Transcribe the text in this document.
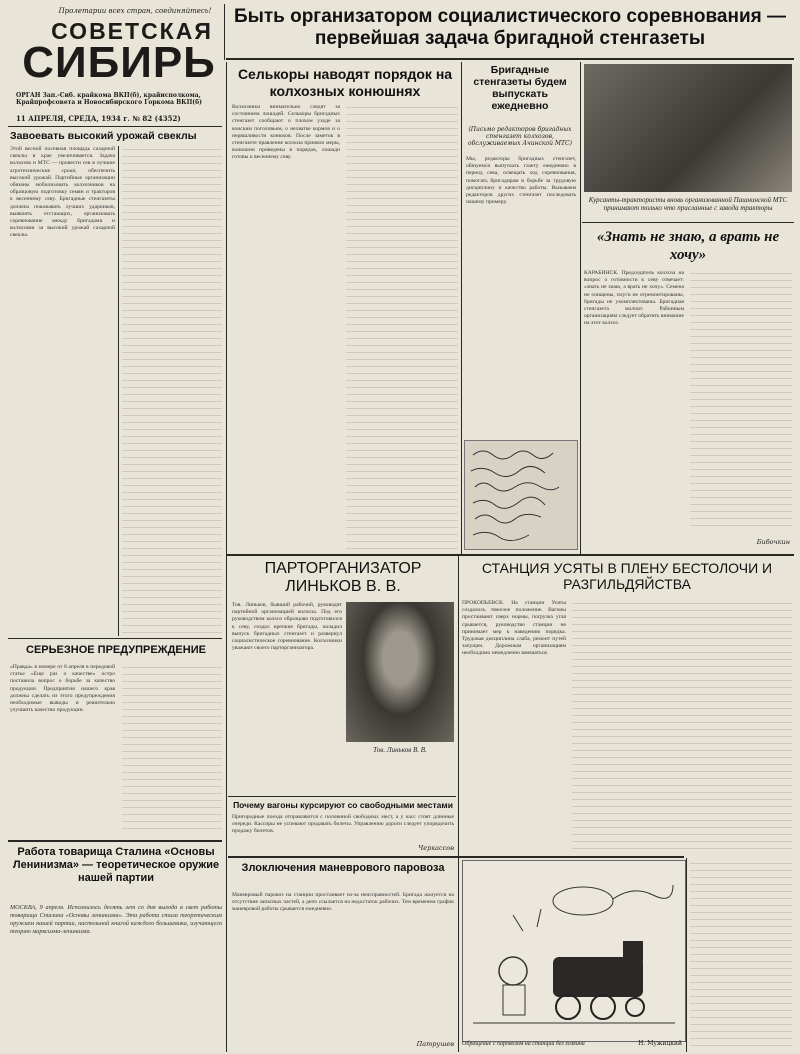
Пролетарии всех стран, соединяйтесь!
СОВЕТСКАЯ
СИБИРЬ
ОРГАН Зап.-Сиб. крайкома ВКП(б), крайисполкома, Крайпрофсовета и Новосибирского Горкома ВКП(б)
11 АПРЕЛЯ, СРЕДА, 1934 г. № 82 (4352)
Быть организатором социалистического соревнования — первейшая задача бригадной стенгазеты
Завоевать высокий урожай свеклы
Этой весной посевная площадь сахарной свеклы в крае увеличивается. Задача колхозов и МТС — провести сев в лучшие агротехнические сроки, обеспечить высокий урожай. Партийные организации обязаны мобилизовать колхозников на образцовую подготовку семян и тракторов к весеннему севу. Бригадные стенгазеты должны показывать лучших ударников, выявлять отстающих, организовать соревнование между бригадами и колхозами за высокий урожай сахарной свеклы.
Селькоры наводят порядок на колхозных конюшнях
Колхозники внимательно следят за состоянием лошадей. Селькоры бригадных стенгазет сообщают о плохом уходе за конским поголовьем, о нехватке кормов и о неряшливости конюхов. После заметок в стенгазете правление колхоза приняло меры, конюшни приведены в порядок, лошади готовы к весеннему севу.
Бригадные стенгазеты будем выпускать ежедневно
(Письмо редакторов бригадных стенгазет колхозов, обслуживаемых Ачинской МТС)
Мы, редакторы бригадных стенгазет, обязуемся выпускать газету ежедневно в период сева, освещать ход соревнования, помогать бригадирам в борьбе за трудовую дисциплину и качество работы. Вызываем редакторов других стенгазет последовать нашему примеру.	Курсанты-трактористы вновь организованной Пашнинской МТС принимают только что присланные с завода тракторы
«Знать не знаю, а врать не хочу»
КАРАБИНСК. Председатель колхоза на вопрос о готовности к севу отвечает: «знать не знаю, а врать не хочу». Семена не очищены, плуги не отремонтированы, бригады не укомплектованы. Бригадная стенгазета молчит. Районным организациям следует обратить внимание на этот колхоз.
Бибочкин
СЕРЬЕЗНОЕ ПРЕДУПРЕЖДЕНИЕ
«Правда» в номере от 8 апреля в передовой статье «Еще раз о качестве» остро поставила вопрос о борьбе за качество продукции. Предприятия нашего края должны сделать из этого предупреждения необходимые выводы и решительно улучшить качество продукции.
Работа товарища Сталина «Основы Ленинизма» — теоретическое оружие нашей партии
МОСКВА, 9 апреля. Исполнилось десять лет со дня выхода в свет работы товарища Сталина «Основы ленинизма». Эта работа стала теоретическим оружием нашей партии, настольной книгой каждого большевика, изучающего теорию марксизма-ленинизма.
ПАРТОРГАНИЗАТОР ЛИНЬКОВ В. В.
Тов. Линьков, бывший рабочий, руководит партийной организацией колхоза. Под его руководством колхоз образцово подготовился к севу, создал крепкие бригады, наладил выпуск бригадных стенгазет и развернул социалистическое соревнование. Колхозники уважают своего парторганизатора.
Тов. Линьков В. В.
Почему вагоны курсируют со свободными местами
Пригородные поезда отправляются с половиной свободных мест, а у касс стоят длинные очереди. Кассиры не успевают продавать билеты. Управлению дороги следует упорядочить продажу билетов.
Черкассов
СТАНЦИЯ УСЯТЫ В ПЛЕНУ БЕСТОЛОЧИ И РАЗГИЛЬДЯЙСТВА
ПРОКОПЬЕВСК. На станции Усяты создалось тяжелое положение. Вагоны простаивают сверх нормы, погрузка угля срывается, руководство станции не принимает мер к наведению порядка. Трудовая дисциплина слаба, ремонт путей запущен. Дорожным организациям необходимо немедленно вмешаться.
Злоключения маневрового паровоза
Маневровый паровоз на станции простаивает из-за неисправностей. Бригада жалуется на отсутствие запасных частей, а депо ссылается на недостаток рабочих. Тем временем график маневровой работы срывается ежедневно.
Патрушев Обращение с паровозом на станции без хозяина	Н. Мужицкий
